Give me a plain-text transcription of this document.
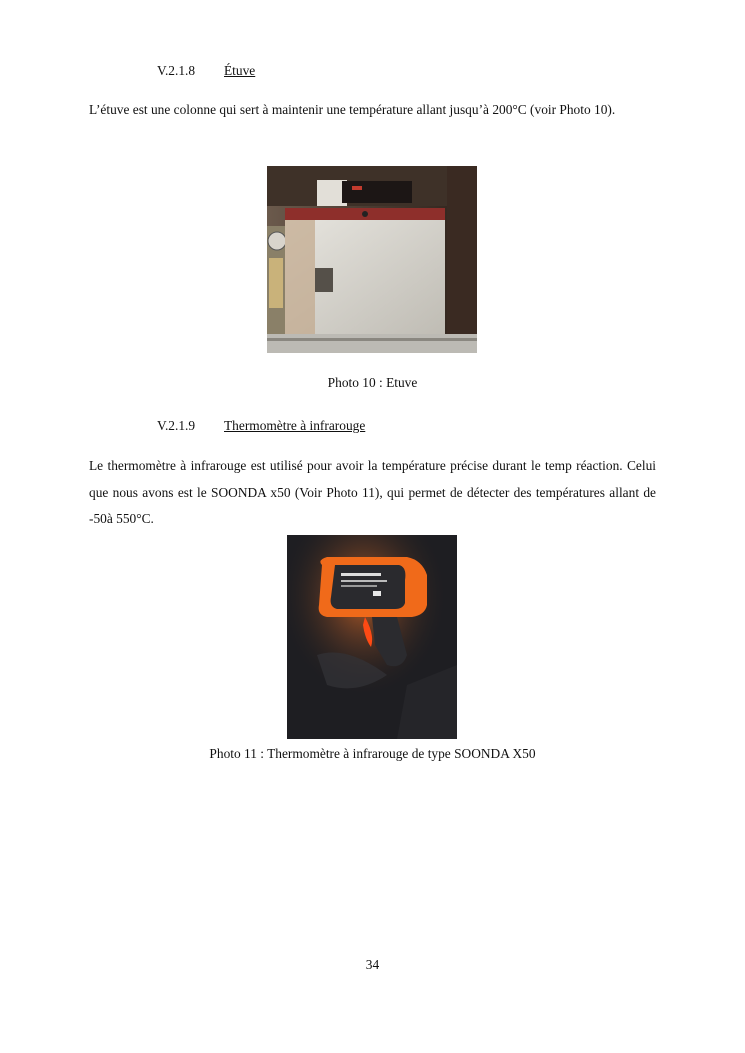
V.2.1.8 Étuve

L’étuve est une colonne qui sert à maintenir une température allant jusqu’à 200°C (voir Photo 10).

Photo 10 : Etuve
V.2.1.9 Thermomètre à infrarouge

Le thermomètre à infrarouge est utilisé pour avoir la température précise durant le temp réaction. Celui que nous avons est le SOONDA x50 (Voir Photo 11), qui permet de détecter des températures allant de -50à 550°C.

Photo 11 : Thermomètre à infrarouge de type SOONDA X50
34
